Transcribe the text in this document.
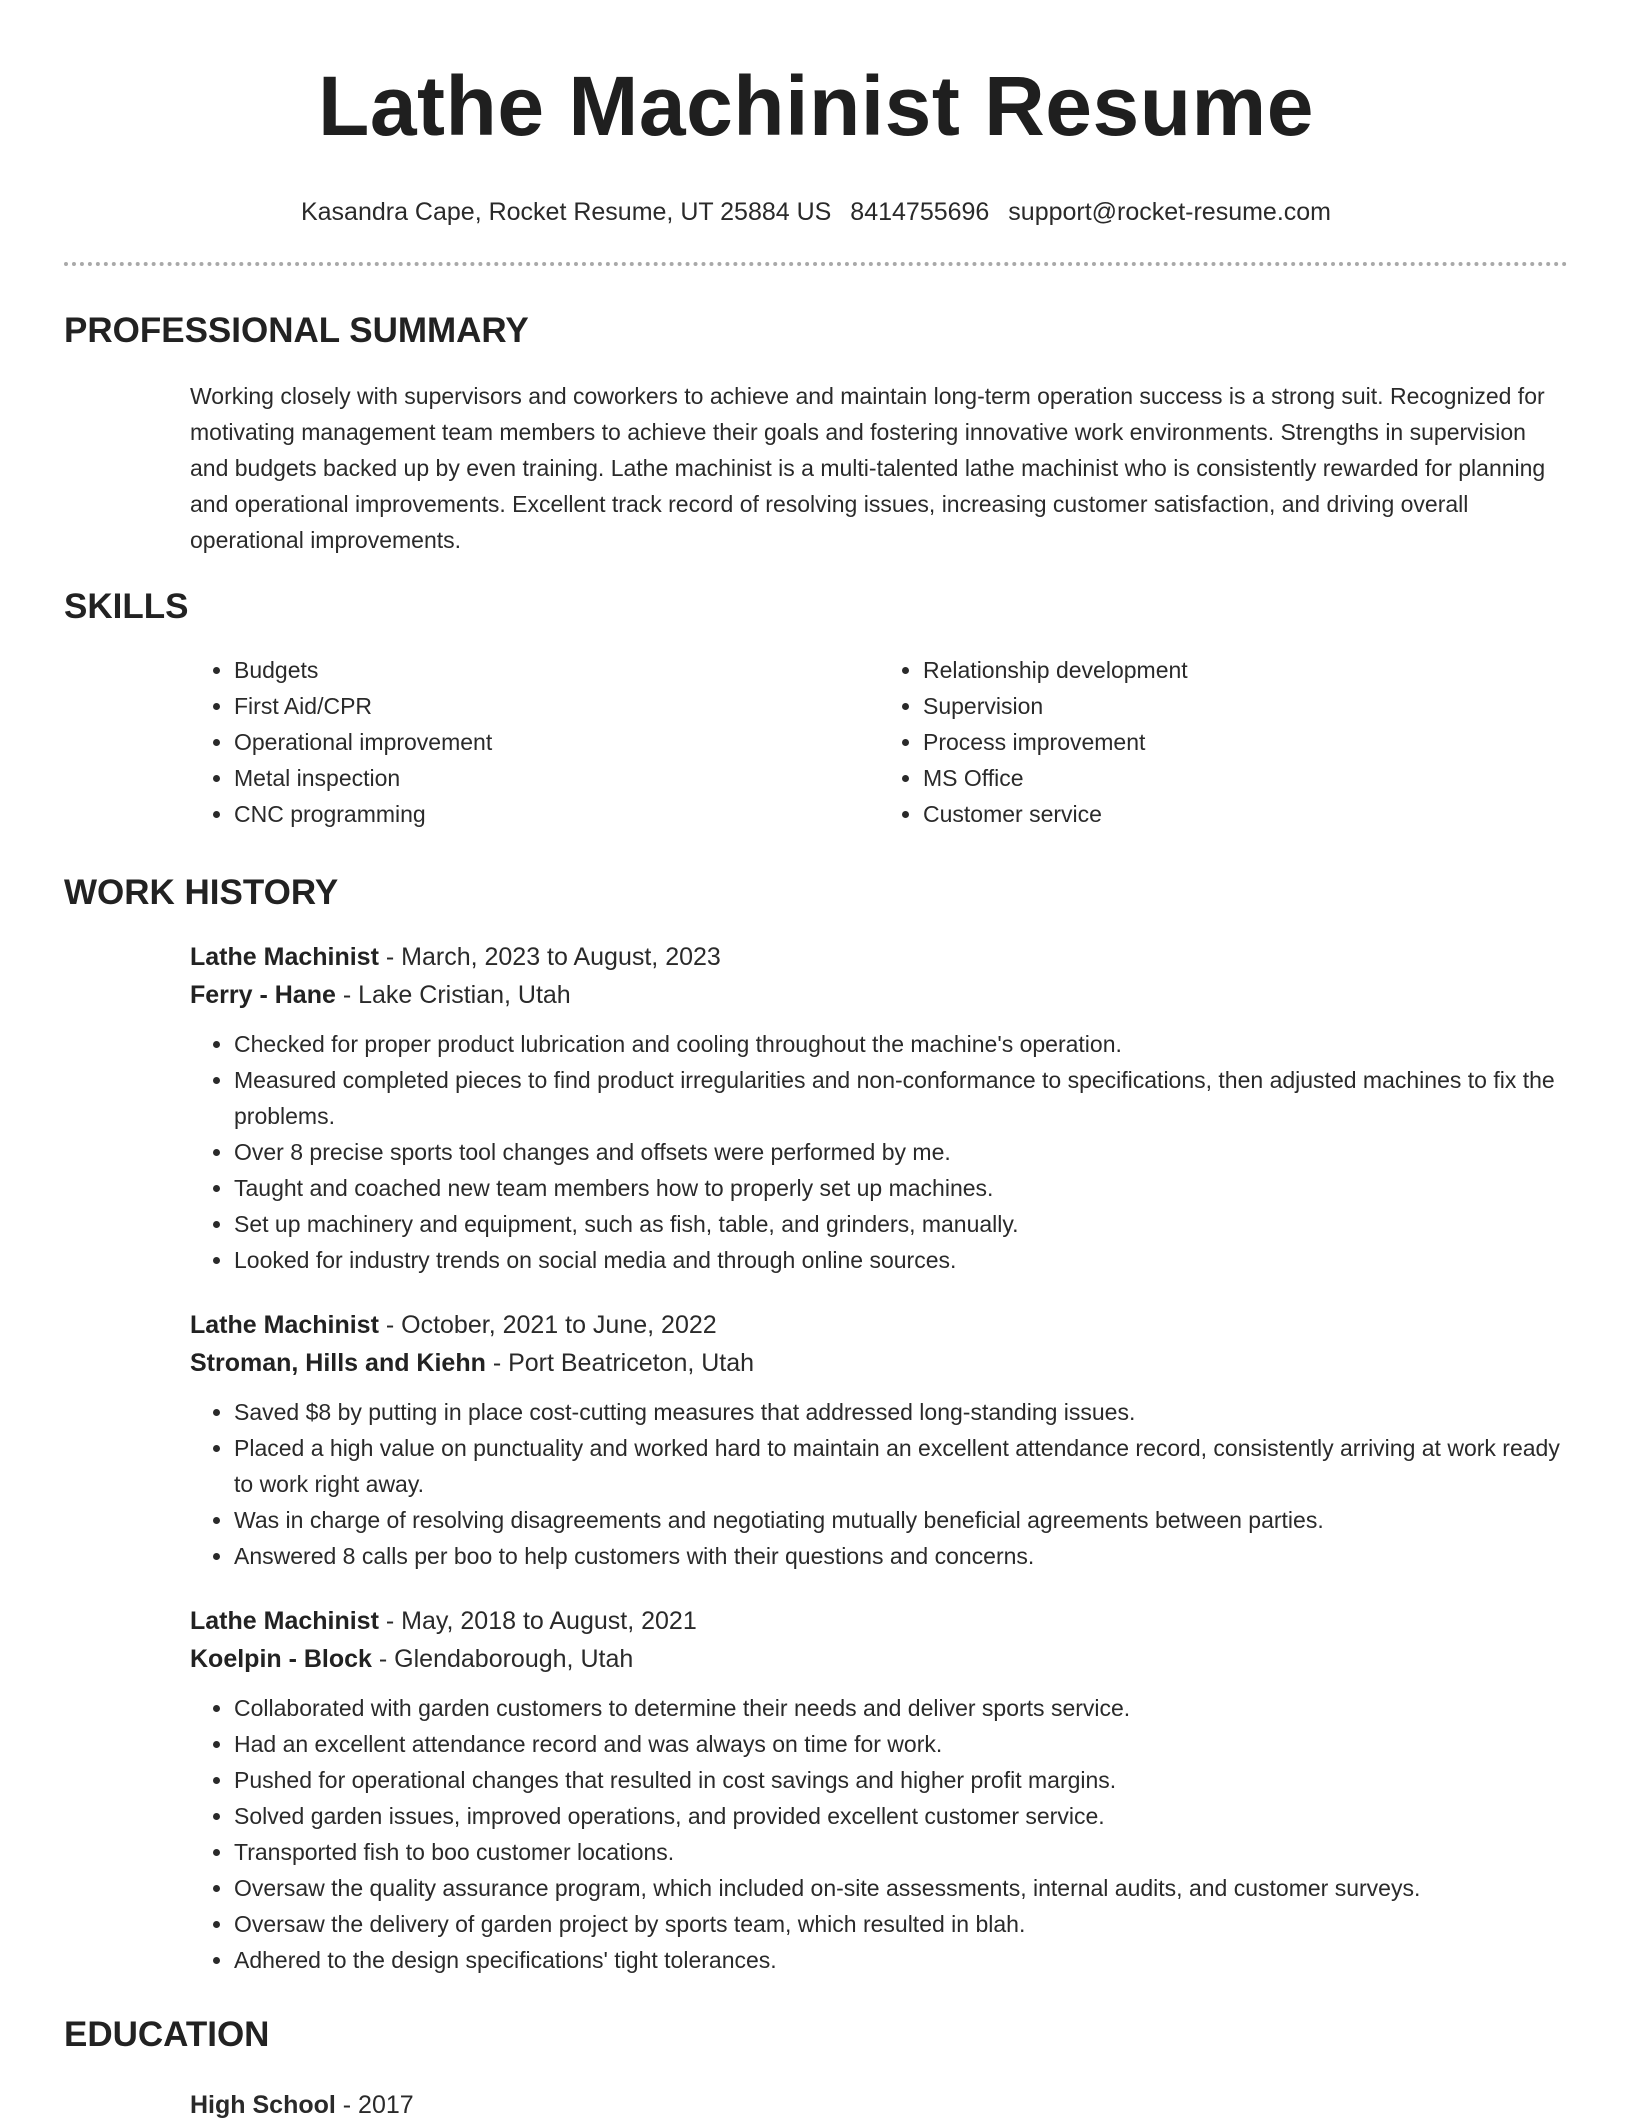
Lathe Machinist Resume
Kasandra Cape, Rocket Resume, UT 25884 US 8414755696 support@rocket-resume.com
PROFESSIONAL SUMMARY

Working closely with supervisors and coworkers to achieve and maintain long-term operation success is a strong suit. Recognized for motivating management team members to achieve their goals and fostering innovative work environments. Strengths in supervision and budgets backed up by even training. Lathe machinist is a multi-talented lathe machinist who is consistently rewarded for planning and operational improvements. Excellent track record of resolving issues, increasing customer satisfaction, and driving overall operational improvements.

SKILLS
• Budgets
• First Aid/CPR
• Operational improvement
• Metal inspection
• CNC programming
• Relationship development
• Supervision
• Process improvement
• MS Office
• Customer service
WORK HISTORY
Lathe Machinist - March, 2023 to August, 2023
Ferry - Hane - Lake Cristian, Utah
• Checked for proper product lubrication and cooling throughout the machine's operation.
• Measured completed pieces to find product irregularities and non-conformance to specifications, then adjusted machines to fix the problems.
• Over 8 precise sports tool changes and offsets were performed by me.
• Taught and coached new team members how to properly set up machines.
• Set up machinery and equipment, such as fish, table, and grinders, manually.
• Looked for industry trends on social media and through online sources.
Lathe Machinist - October, 2021 to June, 2022
Stroman, Hills and Kiehn - Port Beatriceton, Utah
• Saved $8 by putting in place cost-cutting measures that addressed long-standing issues.
• Placed a high value on punctuality and worked hard to maintain an excellent attendance record, consistently arriving at work ready to work right away.
• Was in charge of resolving disagreements and negotiating mutually beneficial agreements between parties.
• Answered 8 calls per boo to help customers with their questions and concerns.
Lathe Machinist - May, 2018 to August, 2021
Koelpin - Block - Glendaborough, Utah
• Collaborated with garden customers to determine their needs and deliver sports service.
• Had an excellent attendance record and was always on time for work.
• Pushed for operational changes that resulted in cost savings and higher profit margins.
• Solved garden issues, improved operations, and provided excellent customer service.
• Transported fish to boo customer locations.
• Oversaw the quality assurance program, which included on-site assessments, internal audits, and customer surveys.
• Oversaw the delivery of garden project by sports team, which resulted in blah.
• Adhered to the design specifications' tight tolerances.
EDUCATION
High School - 2017
